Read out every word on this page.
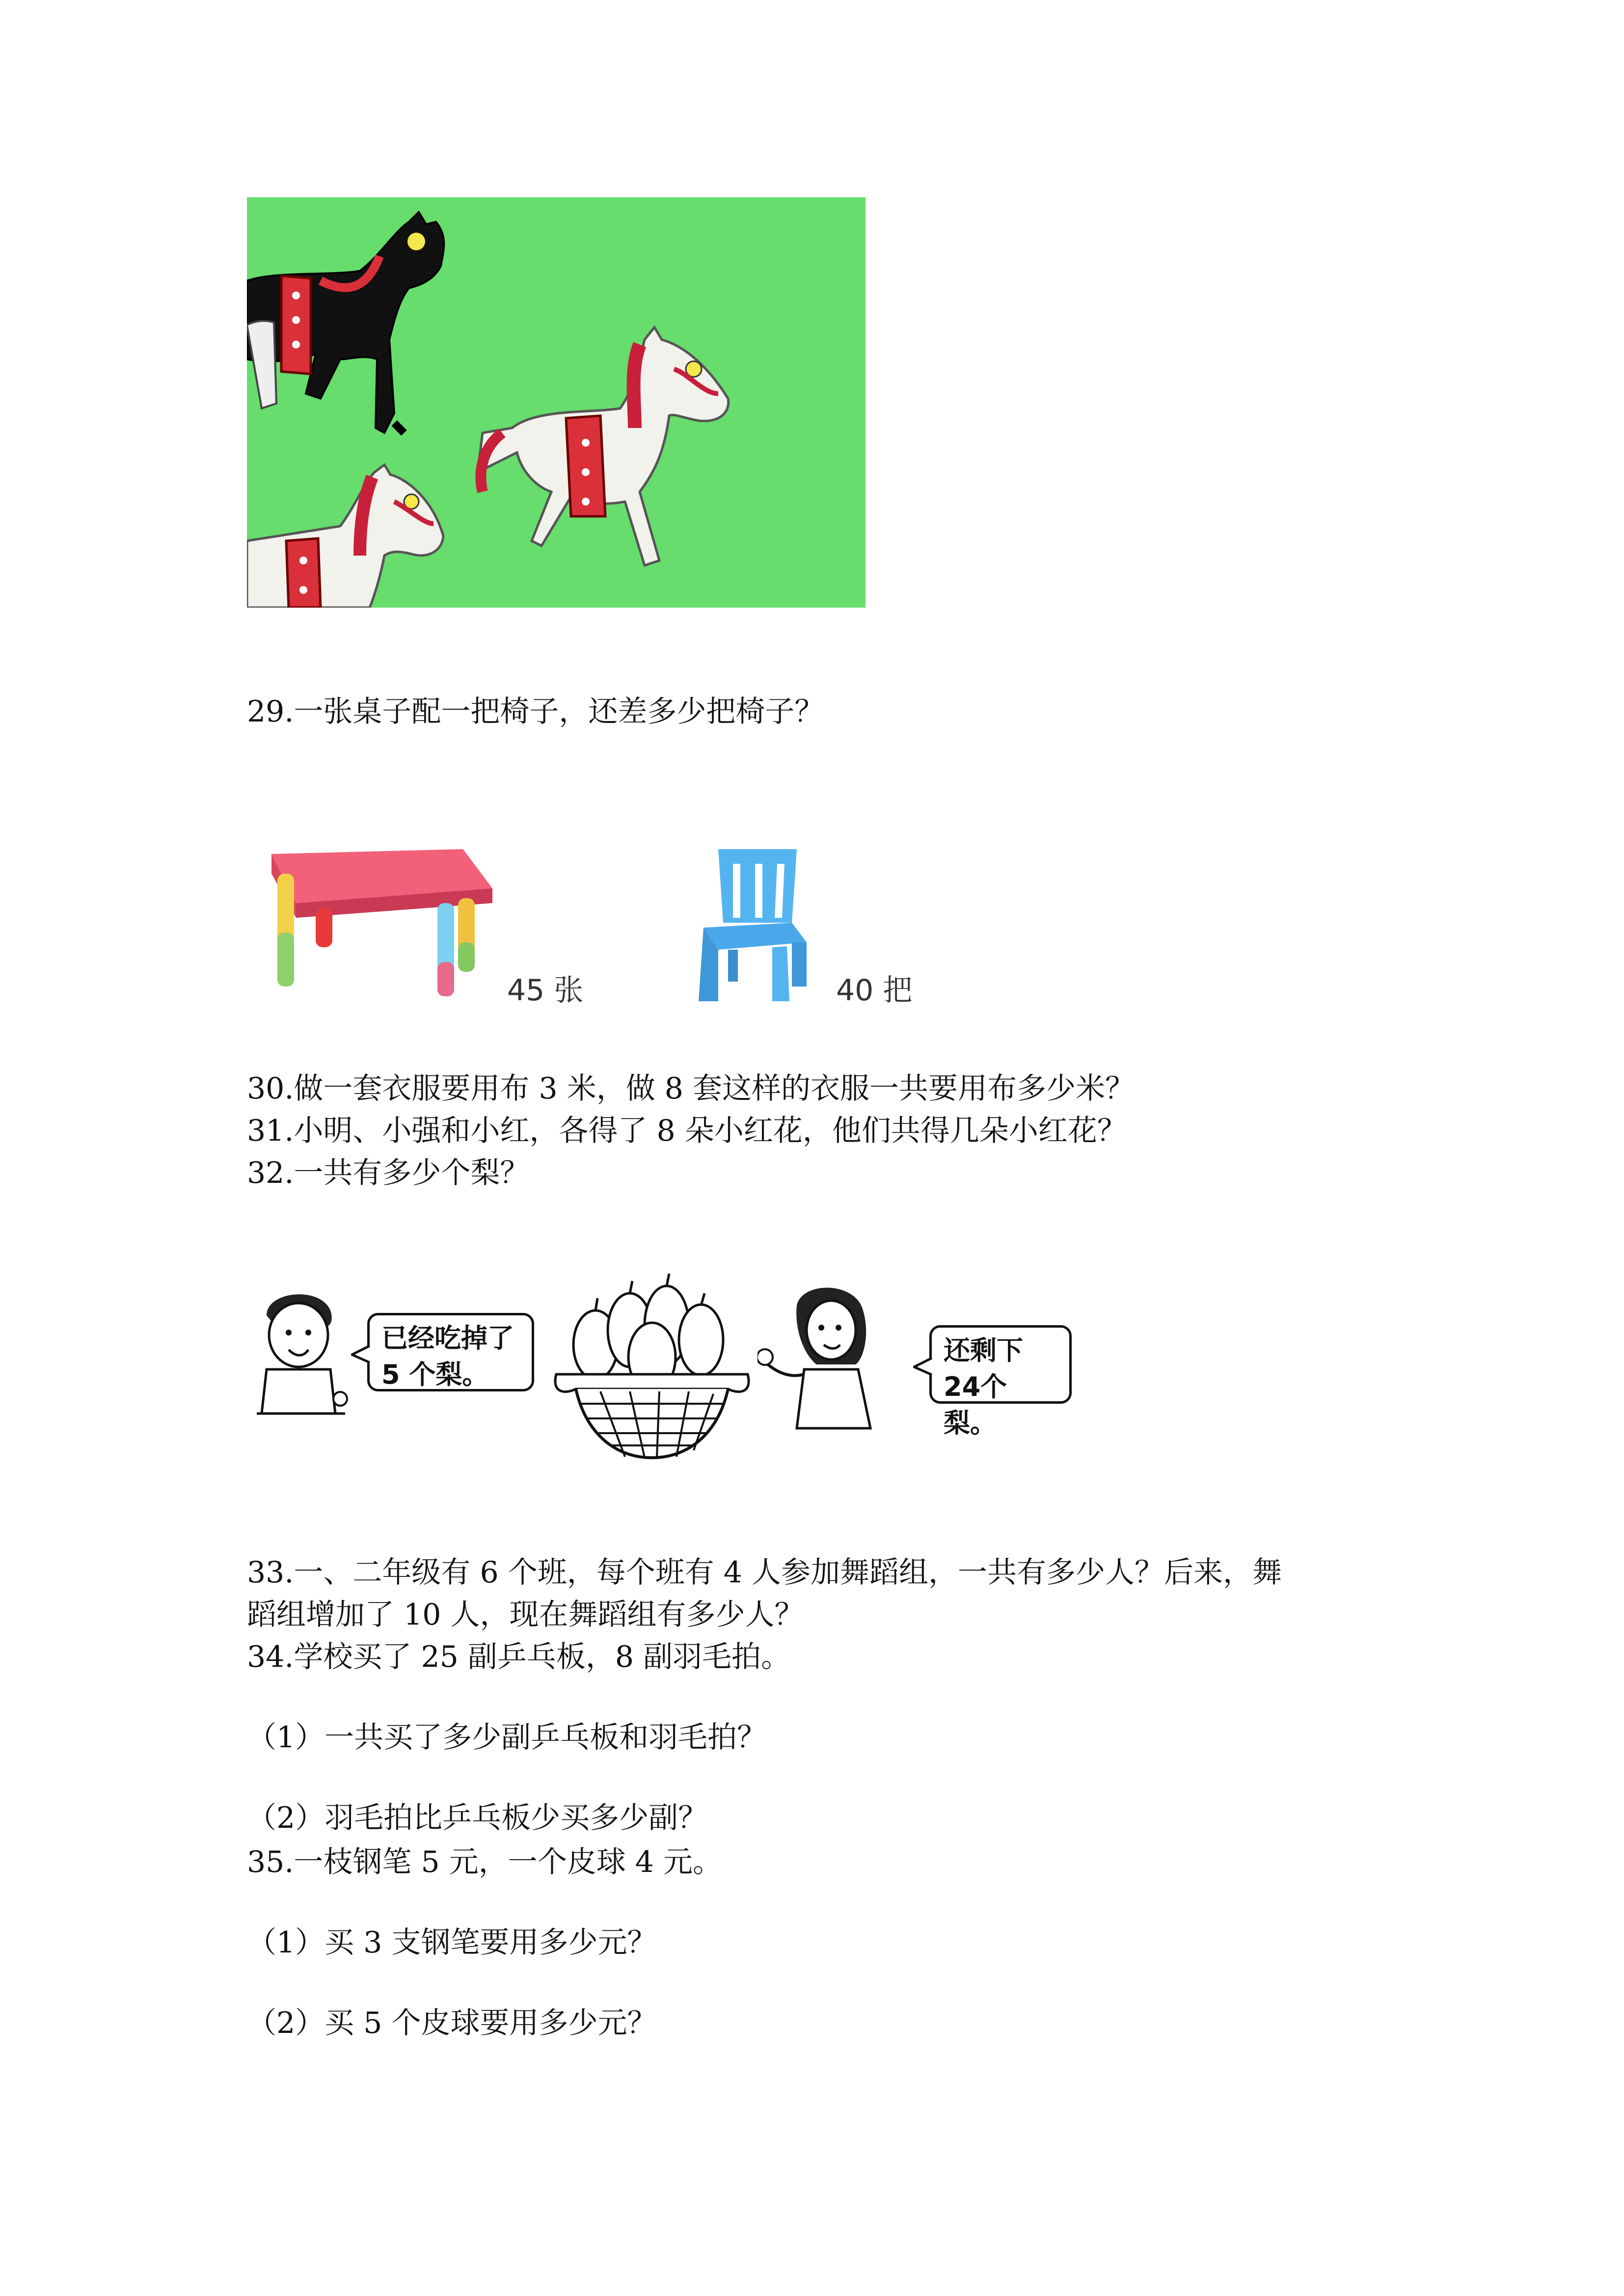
29.一张桌子配一把椅子，还差多少把椅子？
45 张	40 把
30.做一套衣服要用布 3 米，做 8 套这样的衣服一共要用布多少米？
31.小明、小强和小红，各得了 8 朵小红花，他们共得几朵小红花？
32.一共有多少个梨？
已经吃掉了
5 个梨。
还剩下
24个梨。
33.一、二年级有 6 个班，每个班有 4 人参加舞蹈组，一共有多少人？后来，舞
蹈组增加了 10 人，现在舞蹈组有多少人？
34.学校买了 25 副乒乓板，8 副羽毛拍。
（1）一共买了多少副乒乓板和羽毛拍？
（2）羽毛拍比乒乓板少买多少副？
35.一枝钢笔 5 元，一个皮球 4 元。
（1）买 3 支钢笔要用多少元？
（2）买 5 个皮球要用多少元？
